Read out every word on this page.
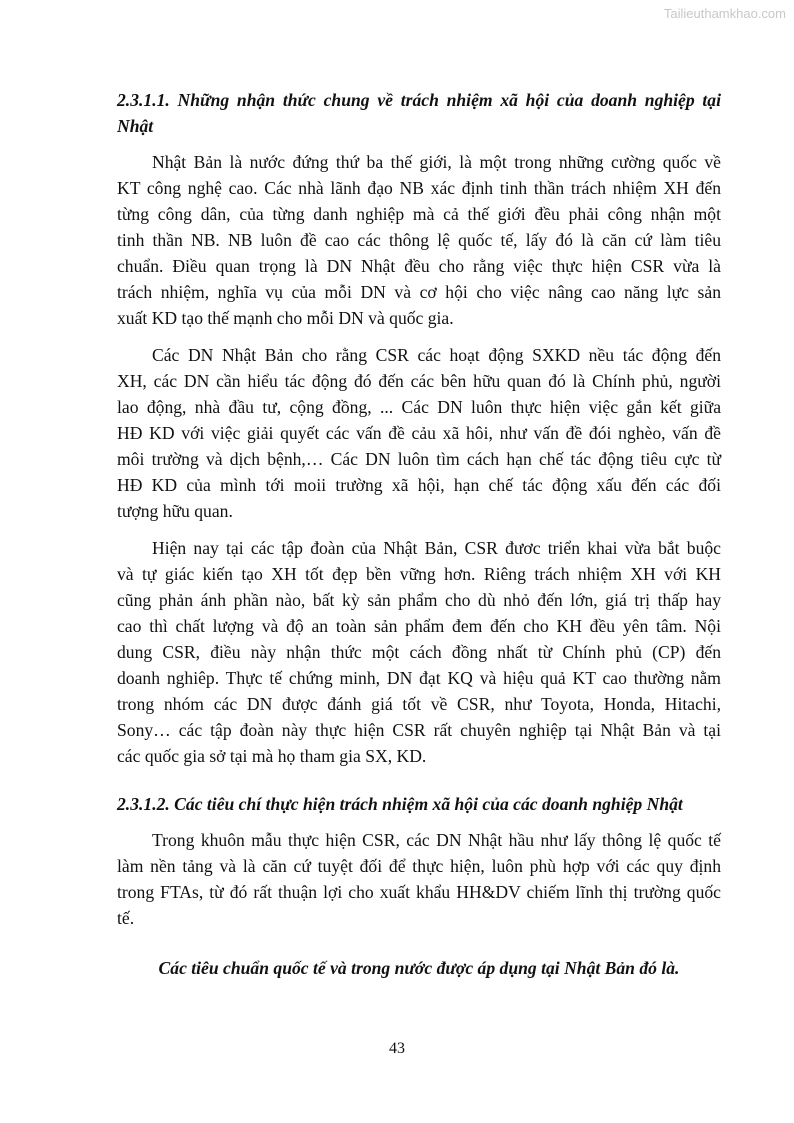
Tailieuthamkhao.com
2.3.1.1. Những nhận thức chung về trách nhiệm xã hội của doanh nghiệp tại
Nhật
Nhật Bản là nước đứng thứ ba thế giới, là một trong những cường quốc về
KT công nghệ cao. Các nhà lãnh đạo NB xác định tinh thần trách nhiệm XH đến
từng công dân, của từng danh nghiệp mà cả thế giới đều phải công nhận một
tinh thần NB. NB luôn đề cao các thông lệ quốc tế, lấy đó là căn cứ làm tiêu
chuẩn. Điều quan trọng là DN Nhật đều cho rằng việc thực hiện CSR vừa là
trách nhiệm, nghĩa vụ của mỗi DN và cơ hội cho việc nâng cao năng lực sản
xuất KD tạo thế mạnh cho mỗi DN và quốc gia.
Các DN Nhật Bản cho rằng CSR các hoạt động SXKD nều tác động đến
XH, các DN cần hiểu tác động đó đến các bên hữu quan đó là Chính phủ, người
lao động, nhà đầu tư, cộng đồng, ... Các DN luôn thực hiện việc gắn kết giữa
HĐ KD với việc giải quyết các vấn đề cảu xã hôi, như vấn đề đói nghèo, vấn đề
môi trường và dịch bệnh,… Các DN luôn tìm cách hạn chế tác động tiêu cực từ
HĐ KD của mình tới moii trường xã hội, hạn chế tác động xấu đến các đối
tượng hữu quan.
Hiện nay tại các tập đoàn của Nhật Bản, CSR đươc triển khai vừa bắt buộc
và tự giác kiến tạo XH tốt đẹp bền vững hơn. Riêng trách nhiệm XH với KH
cũng phản ánh phần nào, bất kỳ sản phẩm cho dù nhỏ đến lớn, giá trị thấp hay
cao thì chất lượng và độ an toàn sản phẩm đem đến cho KH đều yên tâm. Nội
dung CSR, điều này nhận thức một cách đồng nhất từ Chính phủ (CP) đến
doanh nghiêp. Thực tế chứng minh, DN đạt KQ và hiệu quả KT cao thường nằm
trong nhóm các DN được đánh giá tốt về CSR, như Toyota, Honda, Hitachi,
Sony… các tập đoàn này thực hiện CSR rất chuyên nghiệp tại Nhật Bản và tại
các quốc gia sở tại mà họ tham gia SX, KD.
2.3.1.2. Các tiêu chí thực hiện trách nhiệm xã hội của các doanh nghiệp Nhật
Trong khuôn mẫu thực hiện CSR, các DN Nhật hầu như lấy thông lệ quốc tế
làm nền tảng và là căn cứ tuyệt đối để thực hiện, luôn phù hợp với các quy định
trong FTAs, từ đó rất thuận lợi cho xuất khẩu HH&DV chiếm lĩnh thị trường quốc
tế.
Các tiêu chuẩn quốc tế và trong nước được áp dụng tại Nhật Bản đó là.
43
